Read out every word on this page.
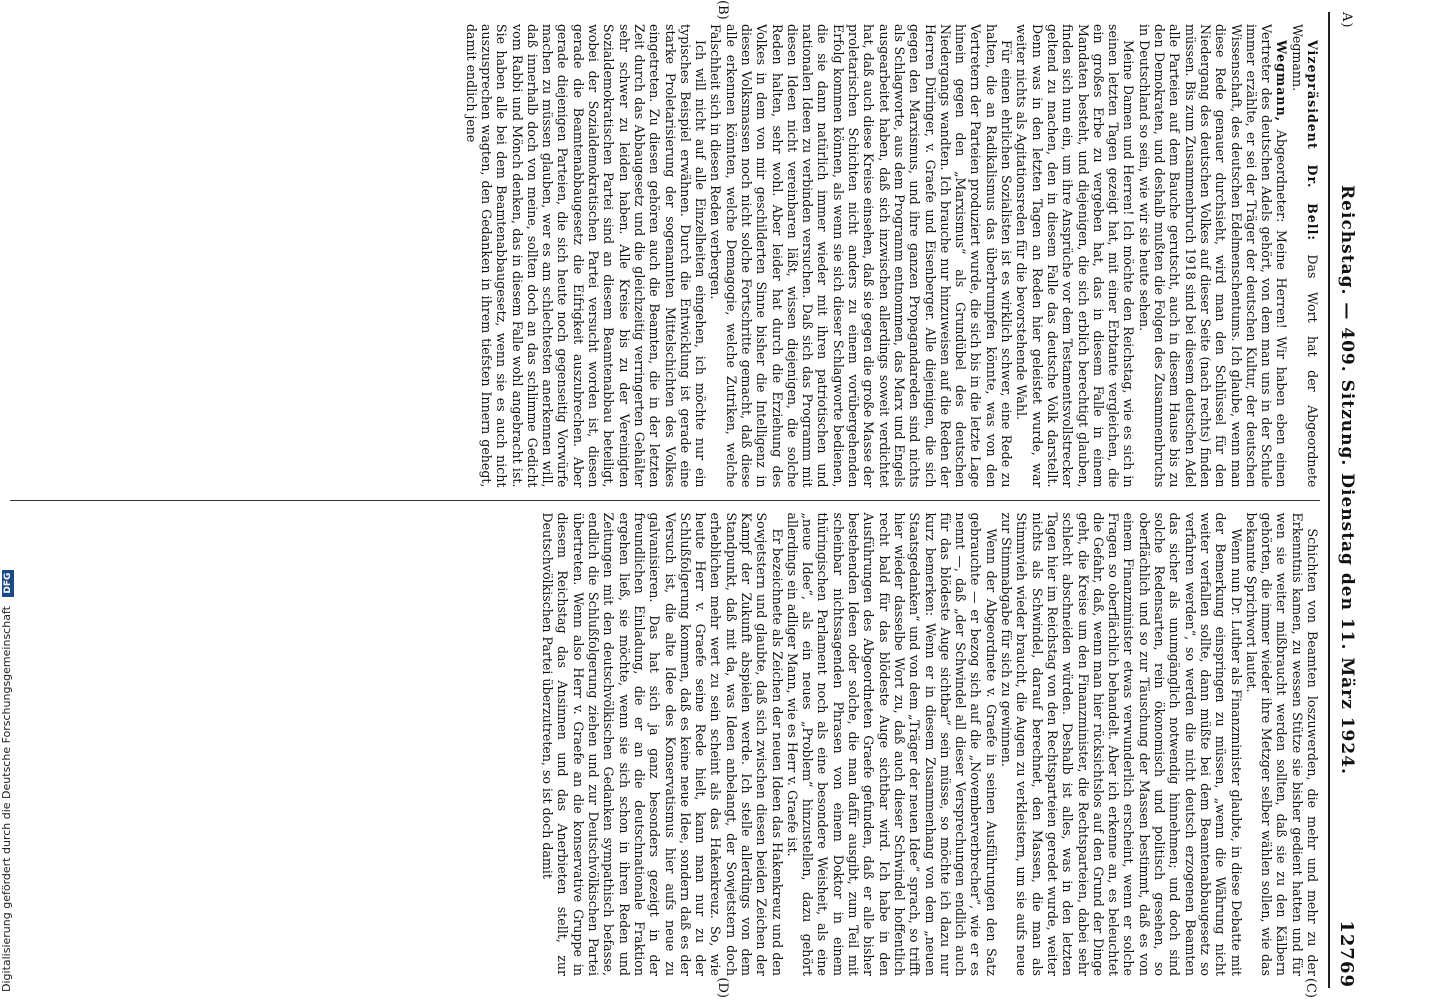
A)
Reichstag. — 409. Sitzung. Dienstag den 11. März 1924.
12769
(B)

Vizepräsident Dr. Bell: Das Wort hat der Abgeordnete Wegmann.

Wegmann, Abgeordneter: Meine Herren! Wir haben eben einen Vertreter des deutschen Adels gehört, von dem man uns in der Schule immer erzählte, er sei der Träger der deutschen Kultur, der deutschen Wissenschaft, des deutschen Edelmenschentums. Ich glaube, wenn man diese Rede genauer durchsieht, wird man den Schlüssel für den Niedergang des deutschen Volkes auf dieser Seite (nach rechts) finden müssen. Bis zum Zusammenbruch 1918 sind bei diesem deutschen Adel alle Parteien auf dem Bauche gerutscht, auch in diesem Hause bis zu den Demokraten, und deshalb mußten die Folgen des Zusammenbruchs in Deutschland so sein, wie wir sie heute sehen.

Meine Damen und Herren! Ich möchte den Reichstag, wie es sich in seinen letzten Tagen gezeigt hat, mit einer Erbtante vergleichen, die ein großes Erbe zu vergeben hat, das in diesem Falle in einem Mandaten besteht, und diejenigen, die sich erblich berechtigt glauben, finden sich nun ein, um ihre Ansprüche vor dem Testamentsvollstrecker geltend zu machen, den in diesem Falle das deutsche Volk darstellt. Denn was in den letzten Tagen an Reden hier geleistet wurde, war weiter nichts als Agitationsreden für die bevorstehende Wahl.

Für einen ehrlichen Sozialisten ist es wirklich schwer, eine Rede zu halten, die an Radikalismus das überbrumpfen könnte, was von den Vertretern der Parteien produziert wurde, die sich bis in die letzte Lage hinein gegen den „Marxismus“ als Grundübel des deutschen Niedergangs wandten. Ich brauche nur hinzuweisen auf die Reden der Herren Düringer, v. Graefe und Eisenberger. Alle diejenigen, die sich gegen den Marxismus, und ihre ganzen Propagandareden sind nichts als Schlagworte, aus dem Programm entnommen, das Marx und Engels ausgearbeitet haben, daß sich inzwischen allerdings soweit verdichtet hat, daß auch diese Kreise einsehen, daß sie gegen die große Masse der proletarischen Schichten nicht anders zu einem vorübergehenden Erfolg kommen können, als wenn sie sich dieser Schlagworte bedienen, die sie dann natürlich immer wieder mit ihren patriotischen und nationalen Ideen zu verbinden versuchen. Daß sich das Programm mit diesen Ideen nicht vereinbaren läßt, wissen diejenigen, die solche Reden halten, sehr wohl. Aber leider hat durch die Erziehung des Volkes in dem von mir geschilderten Sinne bisher die Intelligenz in diesen Volksmassen noch nicht solche Fortschritte gemacht, daß diese alle erkennen könnten, welche Demagogie, welche Zutriken, welche Falschheit sich in diesen Reden verbergen.

Ich will nicht auf alle Einzelheiten eingehen, ich möchte nur ein typisches Beispiel erwähnen. Durch die Entwicklung ist gerade eine starke Proletarisierung der sogenannten Mittelschichten des Volkes eingetreten. Zu diesen gehören auch die Beamten, die in der letzten Zeit durch das Abbaugesetz und die gleichzeitig verringerten Gehälter sehr schwer zu leiden haben. Alle Kreise bis zu der Vereinigten Sozialdemokratischen Partei sind an diesem Beamtenabbau beteiligt, wobei der Sozialdemokratischen Partei versucht worden ist, diesen gerade die Beamtenabbaugesetz die Eifrigkeit auszubrechen. Aber gerade diejenigen Parteien, die sich heute noch gegenseitig Vorwürfe machen zu müssen glauben, wer es am schlechtesten anerkennen will, daß innerhalb doch von meine, sollten doch an das schlimme Gedicht vom Rabbi und Mönch denken, das in diesem Falle wohl angebracht ist. Sie haben alle bei dem Beamtenabbaugesetz, wenn sie es auch nicht auszusprechen wagten, den Gedanken in ihrem tiefsten Innern gehegt, damit endlich jene

(C)
(D)

Schichten von Beamten loszuwerden, die mehr und mehr zu der Erkenntnis kamen, zu wessen Stütze sie bisher gedient hatten und für wen sie weiter mißbraucht werden sollten, daß sie zu den Kälbern gehörten, die immer wieder ihre Metzger selber wählen sollen, wie das bekannte Sprichwort lautet.

Wenn nun Dr. Luther als Finanzminister glaubte, in diese Debatte mit der Bemerkung einspringen zu müssen, „wenn die Währung nicht weiter verfallen sollte, dann müßte bei dem Beamtenabbaugesetz so verfahren werden“, so werden die nicht deutsch erzogenen Beamten das sicher als unumgänglich notwendig hinnehmen; und doch sind solche Redensarten, rein ökonomisch und politisch gesehen, so oberflächlich und so zur Täuschung der Massen bestimmt, daß es von einem Finanzminister etwas verwunderlich erscheint, wenn er solche Fragen so oberflächlich behandelt. Aber ich erkenne an, es beleuchtet die Gefahr, daß, wenn man hier rücksichtslos auf den Grund der Dinge geht, die Kreise um den Finanzminister, die Rechtsparteien, dabei sehr schlecht abschneiden würden. Deshalb ist alles, was in den letzten Tagen hier im Reichstag von den Rechtsparteien geredet wurde, weiter nichts als Schwindel, darauf berechnet, den Massen, die man als Stimmvieh wieder braucht, die Augen zu verkleistern, um sie aufs neue zur Stimmabgabe für sich zu gewinnen.

Wenn der Abgeordnete v. Graefe in seinen Ausführungen den Satz gebrauchte — er bezog sich auf die „Novemberverbrecher“, wie er es nennt —, daß „der Schwindel all dieser Versprechungen endlich auch für das blödeste Auge sichtbar“ sein müsse, so möchte ich dazu nur kurz bemerken: Wenn er in diesem Zusammenhang von dem „neuen Staatsgedanken“ und von dem „Träger der neuen Idee“ sprach, so trifft hier wieder dasselbe Wort zu, daß auch dieser Schwindel hoffentlich recht bald für das blödeste Auge sichtbar wird. Ich habe in den Ausführungen des Abgeordneten Graefe gefunden, daß er alle bisher bestehenden Ideen oder solche, die man dafür ausgibt, zum Teil mit scheinbar nichtssagenden Phrasen von einem Doktor in einem thüringischen Parlament noch als eine besondere Weisheit, als eine „neue Idee“, als ein neues „Problem“ hinzustellen, dazu gehört allerdings ein adliger Mann, wie es Herr v. Graefe ist.

Er bezeichnete als Zeichen der neuen Ideen das Hakenkreuz und den Sowjetstern und glaubte, daß sich zwischen diesen beiden Zeichen der Kampf der Zukunft abspielen werde. Ich stelle allerdings von dem Standpunkt, daß mit da, was Ideen anbelangt, der Sowjetstern doch erheblichen mehr wert zu sein scheint als das Hakenkreuz. So, wie heute Herr v. Graefe seine Rede hielt, kann man nur zu der Schlußfolgerung kommen, daß es keine neue Idee, sondern daß es der Versuch ist, die alte Idee des Konservatismus hier aufs neue zu galvanisieren. Das hat sich ja ganz besonders gezeigt in der freundlichen Einladung, die er an die deutschnationale Fraktion ergehen ließ, sie möchte, wenn sie sich schon in ihren Reden und Zeitungen mit den deutschvölkischen Gedanken sympathisch befasse, endlich die Schlußfolgerung ziehen und zur Deutschvölkischen Partei übertreten. Wenn also Herr v. Graefe an die konservative Gruppe in diesem Reichstag das Ansinnen und das Anerbieten stellt, zur Deutschvölkischen Partei überzutreten, so ist doch damit

Digitalisierung gefördert durch die Deutsche Forschungsgemeinschaft DFG
